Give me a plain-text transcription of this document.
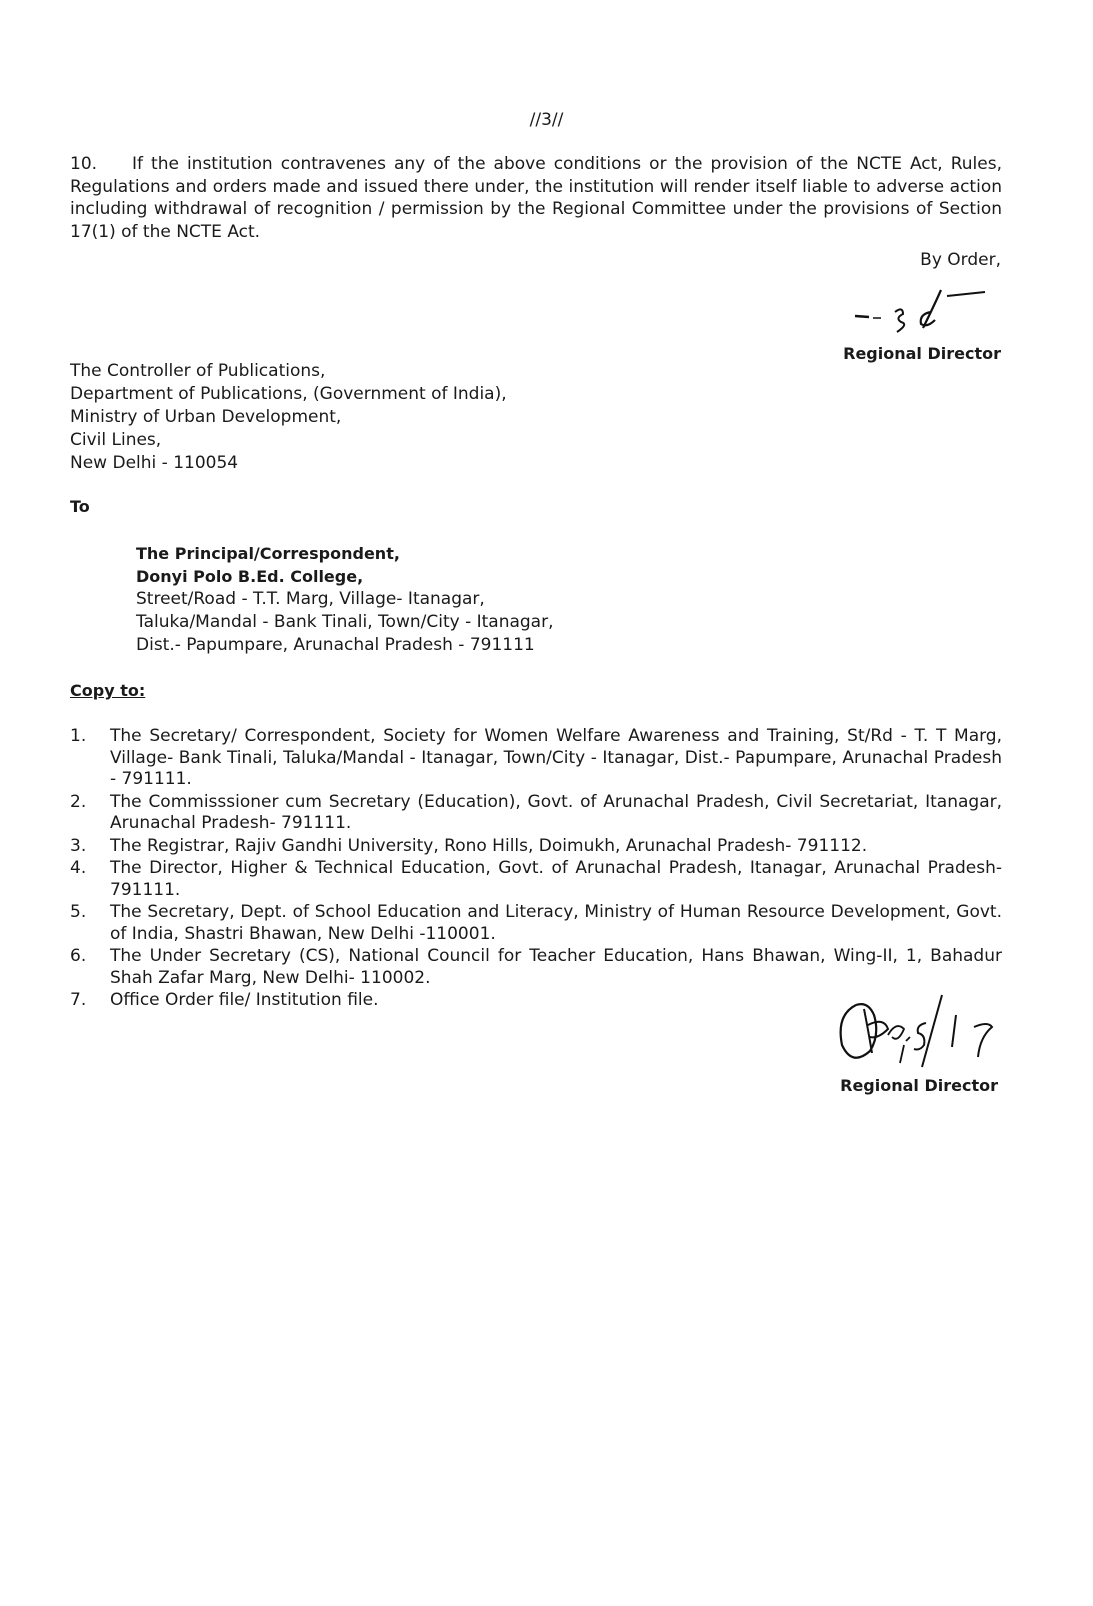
//3//
10. If the institution contravenes any of the above conditions or the provision of the NCTE Act, Rules, Regulations and orders made and issued there under, the institution will render itself liable to adverse action including withdrawal of recognition / permission by the Regional Committee under the provisions of Section 17(1) of the NCTE Act.
By Order,
Regional Director
The Controller of Publications,
Department of Publications, (Government of India),
Ministry of Urban Development,
Civil Lines,
New Delhi - 110054
To
The Principal/Correspondent,
Donyi Polo B.Ed. College,
Street/Road - T.T. Marg, Village- Itanagar,
Taluka/Mandal - Bank Tinali, Town/City - Itanagar,
Dist.- Papumpare, Arunachal Pradesh - 791111
Copy to:
1.	The Secretary/ Correspondent, Society for Women Welfare Awareness and Training, St/Rd - T. T Marg, Village- Bank Tinali, Taluka/Mandal - Itanagar, Town/City - Itanagar, Dist.- Papumpare, Arunachal Pradesh - 791111.
2.	The Commisssioner cum Secretary (Education), Govt. of Arunachal Pradesh, Civil Secretariat, Itanagar, Arunachal Pradesh- 791111.
3.	The Registrar, Rajiv Gandhi University, Rono Hills, Doimukh, Arunachal Pradesh- 791112.
4.	The Director, Higher & Technical Education, Govt. of Arunachal Pradesh, Itanagar, Arunachal Pradesh- 791111.
5.	The Secretary, Dept. of School Education and Literacy, Ministry of Human Resource Development, Govt. of India, Shastri Bhawan, New Delhi -110001.
6.	The Under Secretary (CS), National Council for Teacher Education, Hans Bhawan, Wing-II, 1, Bahadur Shah Zafar Marg, New Delhi- 110002.
7.	Office Order file/ Institution file.
Regional Director
